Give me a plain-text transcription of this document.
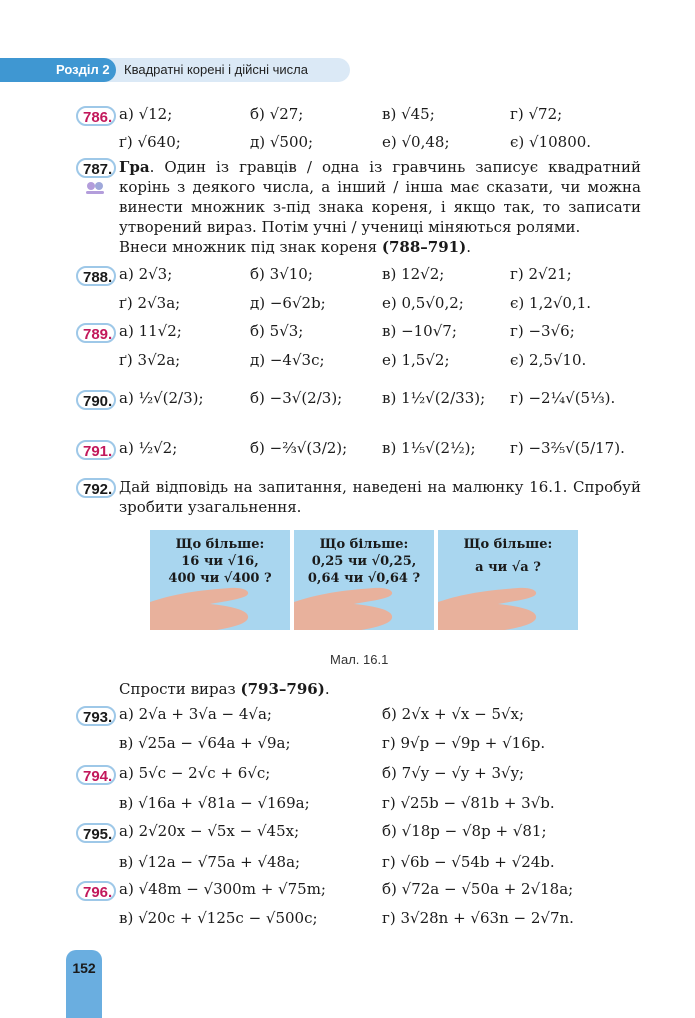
Розділ 2	Квадратні корені і дійсні числа
786. а) √12;	б) √27;	в) √45;	г) √72;
ґ) √640;	д) √500;	е) √0,48;	є) √10800.
787. Гра. Один із гравців / одна із гравчинь записує квадратний корінь з деякого числа, а інший / інша має сказати, чи можна винести множник з-під знака кореня, і якщо так, то записати утворений вираз. Потім учні / учениці міняються ролями.
Внеси множник під знак кореня (788–791).
788. а) 2√3;	б) 3√10;	в) 12√2;	г) 2√21;
ґ) 2√3a;	д) −6√2b;	е) 0,5√0,2;	є) 1,2√0,1.
789. а) 11√2;	б) 5√3;	в) −10√7;	г) −3√6;
ґ) 3√2a;	д) −4√3c;	е) 1,5√2;	є) 2,5√10.
790. а) ½√(2/3);	б) −3√(2/3);	в) 1½√(2/33); г) −2¼√(5⅓).
791. а) ½√2;	б) −⅔√(3/2); в) 1⅕√(2½); г) −3⅖√(5/17).
792. Дай відповідь на запитання, наведені на малюнку 16.1. Спробуй зробити узагальнення.
Що більше:
16 чи √16,
400 чи √400 ?
Що більше:
0,25 чи √0,25,
0,64 чи √0,64 ?
Що більше:
а чи √а ?
Мал. 16.1
Спрости вираз (793–796).
793. а) 2√a + 3√a − 4√a;	б) 2√x + √x − 5√x;
в) √25a − √64a + √9a;	г) 9√p − √9p + √16p.
794. а) 5√c − 2√c + 6√c;	б) 7√y − √y + 3√y;
в) √16a + √81a − √169a;	г) √25b − √81b + 3√b.
795. а) 2√20x − √5x − √45x;	б) √18p − √8p + √81;
в) √12a − √75a + √48a;	г) √6b − √54b + √24b.
796. а) √48m − √300m + √75m;	б) √72a − √50a + 2√18a;
в) √20c + √125c − √500c;	г) 3√28n + √63n − 2√7n.
152
